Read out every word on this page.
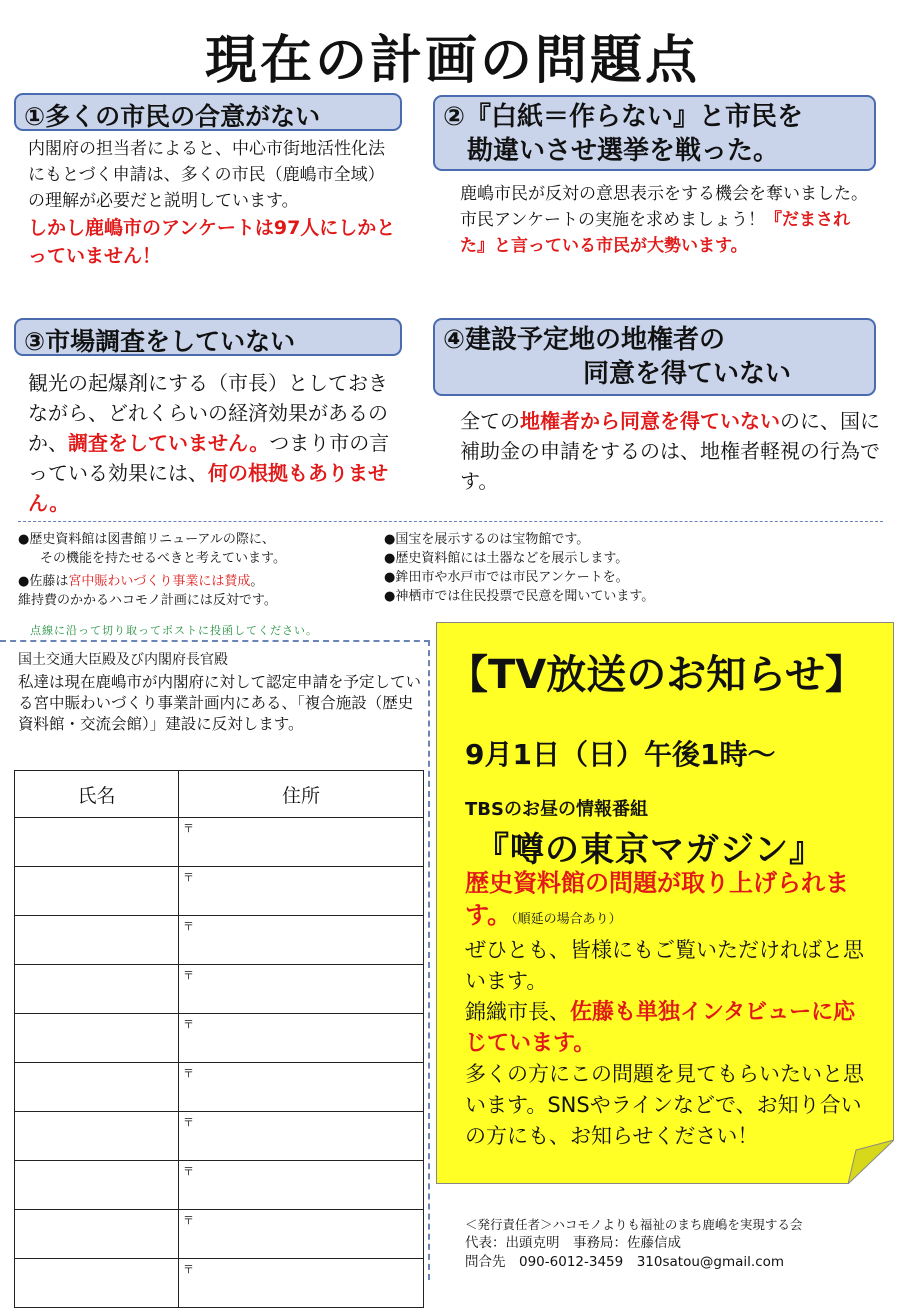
現在の計画の問題点
①多くの市民の合意がない
内閣府の担当者によると、中心市街地活性化法にもとづく申請は、多くの市民（鹿嶋市全域）の理解が必要だと説明しています。
しかし鹿嶋市のアンケートは97人にしかとっていません！
②『白紙＝作らない』と市民を
勘違いさせ選挙を戦った。
鹿嶋市民が反対の意思表示をする機会を奪いました。市民アンケートの実施を求めましょう！『だまされた』と言っている市民が大勢います。
③市場調査をしていない
観光の起爆剤にする（市長）としておきながら、どれくらいの経済効果があるのか、調査をしていません。つまり市の言っている効果には、何の根拠もありません。
④建設予定地の地権者の
同意を得ていない
全ての地権者から同意を得ていないのに、国に補助金の申請をするのは、地権者軽視の行為です。
●歴史資料館は図書館リニューアルの際に、
その機能を持たせるべきと考えています。
●佐藤は宮中賑わいづくり事業には賛成。
維持費のかかるハコモノ計画には反対です。
●国宝を展示するのは宝物館です。
●歴史資料館には土器などを展示します。
●鉾田市や水戸市では市民アンケートを。
●神栖市では住民投票で民意を聞いています。
点線に沿って切り取ってポストに投函してください。
国土交通大臣殿及び内閣府長官殿
私達は現在鹿嶋市が内閣府に対して認定申請を予定している宮中賑わいづくり事業計画内にある、「複合施設（歴史資料館・交流会館）」建設に反対します。
氏名	住所
	〒
	〒
	〒
	〒
	〒
	〒
	〒
	〒
	〒
	〒
【TV放送のお知らせ】
9月1日（日）午後1時～
TBSのお昼の情報番組
『噂の東京マガジン』
歴史資料館の問題が取り上げられます。（順延の場合あり）
ぜひとも、皆様にもご覧いただければと思います。
錦織市長、佐藤も単独インタビューに応じています。
多くの方にこの問題を見てもらいたいと思います。SNSやラインなどで、お知り合いの方にも、お知らせください！
＜発行責任者＞ハコモノよりも福祉のまち鹿嶋を実現する会
代表：出頭克明　事務局：佐藤信成
問合先　090-6012-3459　310satou@gmail.com
